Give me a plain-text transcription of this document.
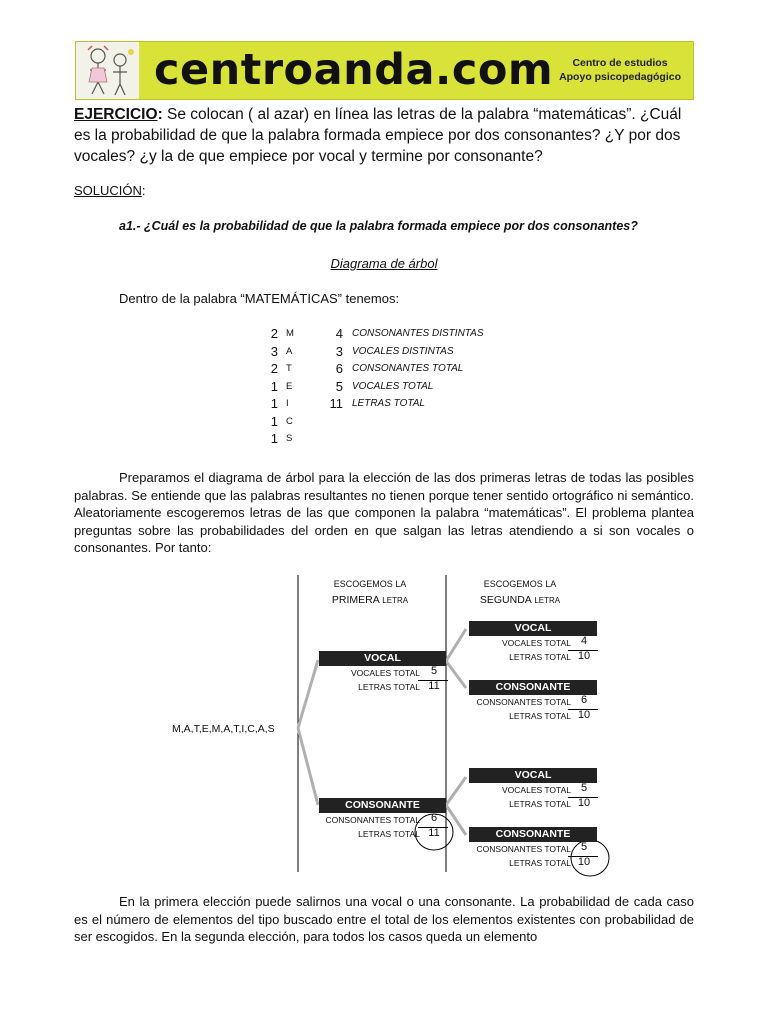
centroanda.com	Centro de estudios
Apoyo psicopedagógico
EJERCICIO: Se colocan ( al azar) en línea las letras de la palabra “matemáticas”. ¿Cuál es la probabilidad de que la palabra formada empiece por dos consonantes? ¿Y por dos vocales? ¿y la de que empiece por vocal y termine por consonante?
SOLUCIÓN:
a1.- ¿Cuál es la probabilidad de que la palabra formada empiece por dos consonantes?
Diagrama de árbol
Dentro de la palabra “MATEMÁTICAS” tenemos:
2 M
3 A
2 T
1 E
1 I
1 C
1 S
4 CONSONANTES DISTINTAS
3 VOCALES DISTINTAS
6 CONSONANTES TOTAL
5 VOCALES TOTAL
11 LETRAS TOTAL
Preparamos el diagrama de árbol para la elección de las dos primeras letras de todas las posibles palabras. Se entiende que las palabras resultantes no tienen porque tener sentido ortográfico ni semántico. Aleatoriamente escogeremos letras de las que componen la palabra “matemáticas”. El problema plantea preguntas sobre las probabilidades del orden en que salgan las letras atendiendo a si son vocales o consonantes. Por tanto:
ESCOGEMOS LA
PRIMERA LETRA
ESCOGEMOS LA
SEGUNDA LETRA
M,A,T,E,M,A,T,I,C,A,S
VOCAL
VOCALES TOTAL 5
LETRAS TOTAL 11
CONSONANTE
CONSONANTES TOTAL 6
LETRAS TOTAL 11
VOCAL
VOCALES TOTAL 4
LETRAS TOTAL 10
CONSONANTE
CONSONANTES TOTAL 6
LETRAS TOTAL 10
VOCAL
VOCALES TOTAL 5
LETRAS TOTAL 10
CONSONANTE
CONSONANTES TOTAL 5
LETRAS TOTAL 10
En la primera elección puede salirnos una vocal o una consonante. La probabilidad de cada caso es el número de elementos del tipo buscado entre el total de los elementos existentes con probabilidad de ser escogidos. En la segunda elección, para todos los casos queda un elemento
